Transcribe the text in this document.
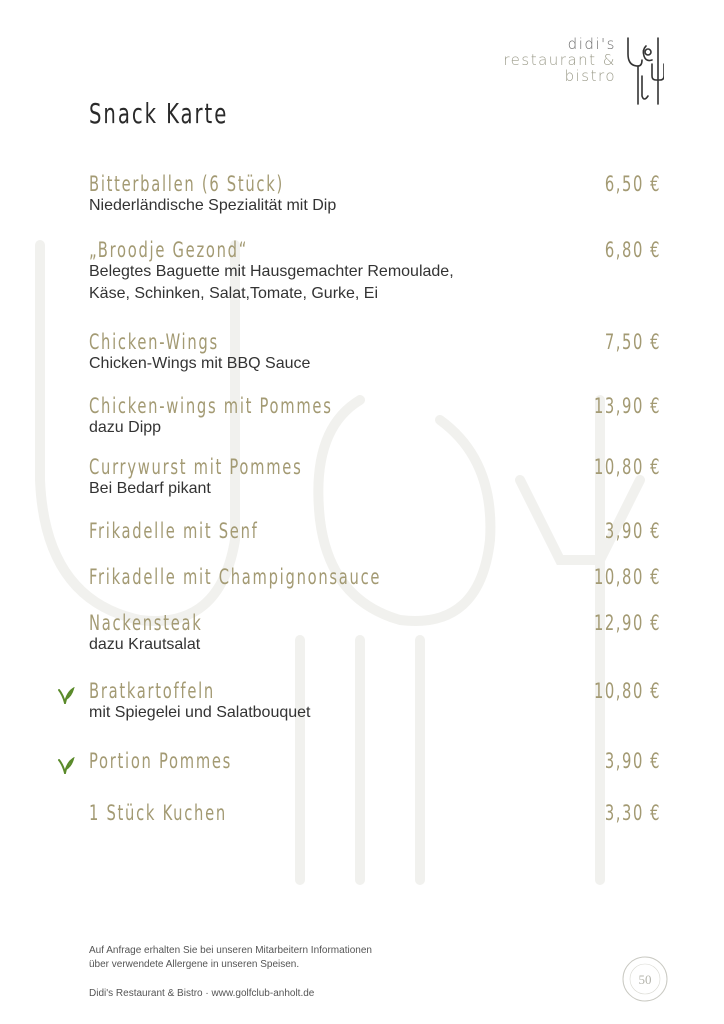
didi's
restaurant &
bistro
Snack Karte
Bitterballen (6 Stück)	6,50 €
Niederländische Spezialität mit Dip
„Broodje Gezond“	6,80 €
Belegtes Baguette mit Hausgemachter Remoulade,
Käse, Schinken, Salat,Tomate, Gurke, Ei
Chicken-Wings	7,50 €
Chicken-Wings mit BBQ Sauce
Chicken-wings mit Pommes	13,90 €
dazu Dipp
Currywurst mit Pommes	10,80 €
Bei Bedarf pikant
Frikadelle mit Senf	3,90 €
Frikadelle mit Champignonsauce	10,80 €
Nackensteak	12,90 €
dazu Krautsalat
Bratkartoffeln	10,80 €
mit Spiegelei und Salatbouquet
Portion Pommes	3,90 €
1 Stück Kuchen	3,30 €
Auf Anfrage erhalten Sie bei unseren Mitarbeitern Informationen
über verwendete Allergene in unseren Speisen.
Didi's Restaurant & Bistro · www.golfclub-anholt.de
50
